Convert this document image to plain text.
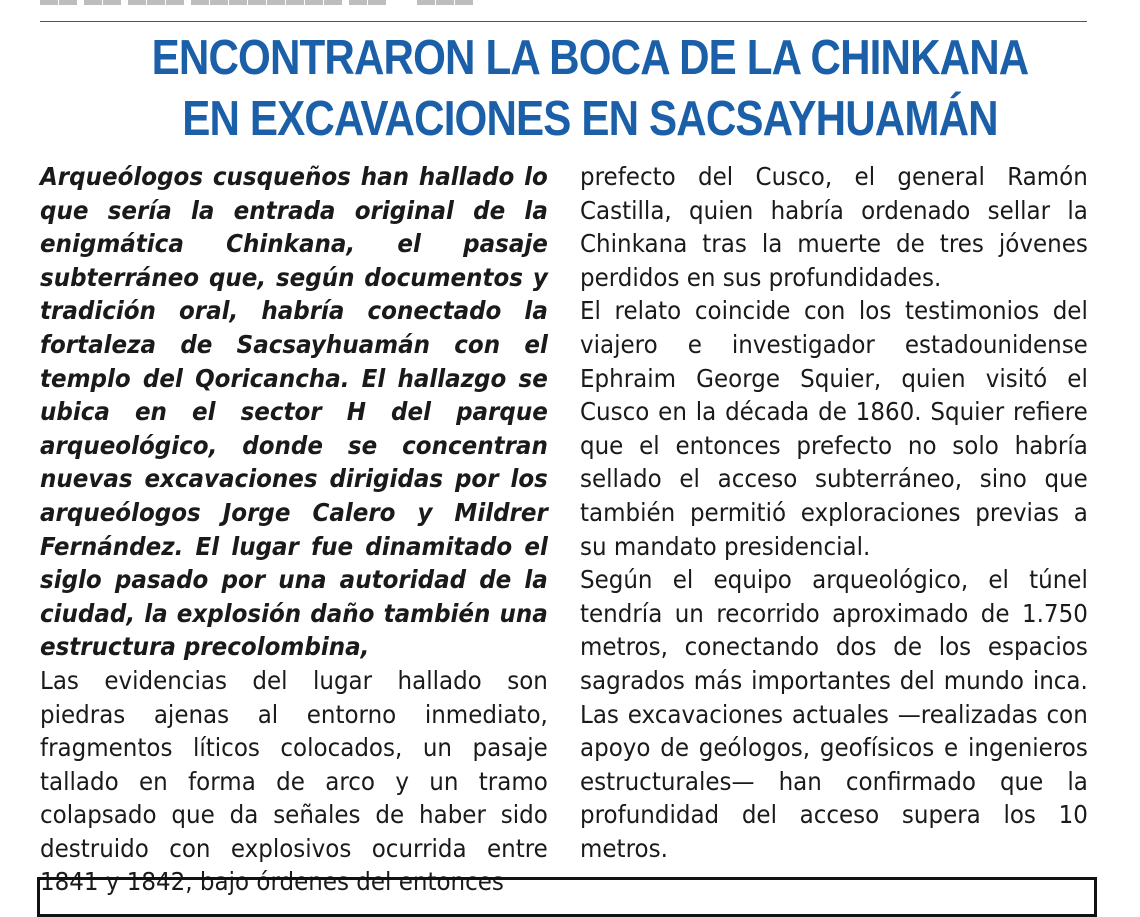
ENCONTRARON LA BOCA DE LA CHINKANA
EN EXCAVACIONES EN SACSAYHUAMÁN

Arqueólogos cusqueños han hallado lo que sería la entrada original de la enigmática Chinkana, el pasaje subterráneo que, según documentos y tradición oral, habría conectado la fortaleza de Sacsayhuamán con el templo del Qoricancha. El hallazgo se ubica en el sector H del parque arqueológico, donde se concentran nuevas excavaciones dirigidas por los arqueólogos Jorge Calero y Mildrer Fernández. El lugar fue dinamitado el siglo pasado por una autoridad de la ciudad, la explosión daño también una estructura precolombina,

Las evidencias del lugar hallado son piedras ajenas al entorno inmediato, fragmentos líticos colocados, un pasaje tallado en forma de arco y un tramo colapsado que da señales de haber sido destruido con explosivos ocurrida entre 1841 y 1842, bajo órdenes del entonces

prefecto del Cusco, el general Ramón Castilla, quien habría ordenado sellar la Chinkana tras la muerte de tres jóvenes perdidos en sus profundidades.

El relato coincide con los testimonios del viajero e investigador estadounidense Ephraim George Squier, quien visitó el Cusco en la década de 1860. Squier refiere que el entonces prefecto no solo habría sellado el acceso subterráneo, sino que también permitió exploraciones previas a su mandato presidencial.

Según el equipo arqueológico, el túnel tendría un recorrido aproximado de 1.750 metros, conectando dos de los espacios sagrados más importantes del mundo inca. Las excavaciones actuales —realizadas con apoyo de geólogos, geofísicos e ingenieros estructurales— han confirmado que la profundidad del acceso supera los 10 metros.
